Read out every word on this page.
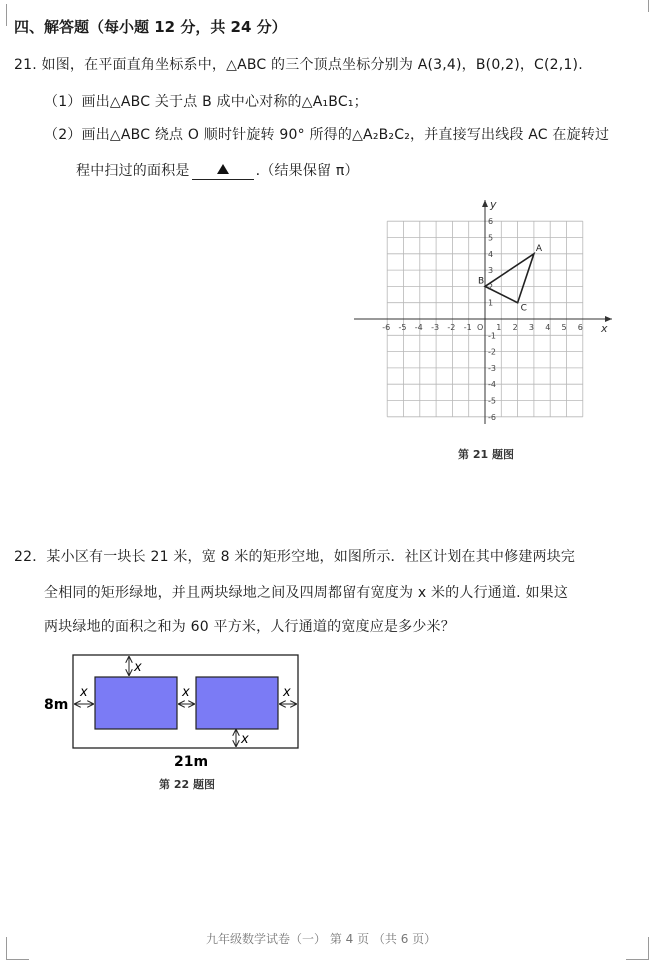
四、解答题（每小题 12 分，共 24 分）
21. 如图，在平面直角坐标系中，△ABC 的三个顶点坐标分别为 A(3,4)，B(0,2)，C(2,1).
（1）画出△ABC 关于点 B 成中心对称的△A₁BC₁；
（2）画出△ABC 绕点 O 顺时针旋转 90° 所得的△A₂B₂C₂，并直接写出线段 AC 在旋转过
程中扫过的面积是	.（结果保留 π）
-6 -5 -4 -3 -2 -1	1 2 3 4 5 6
6
5
4
3
2
1
-1
-2
-3
-4
-5
-6
O	x
y
A
B
C
第 21 题图
22．某小区有一块长 21 米，宽 8 米的矩形空地，如图所示．社区计划在其中修建两块完
全相同的矩形绿地，并且两块绿地之间及四周都留有宽度为 x 米的人行通道. 如果这
两块绿地的面积之和为 60 平方米，人行通道的宽度应是多少米？
x
x	x	x
x
8m
21m
第 22 题图
九年级数学试卷（一） 第 4 页 （共 6 页）
